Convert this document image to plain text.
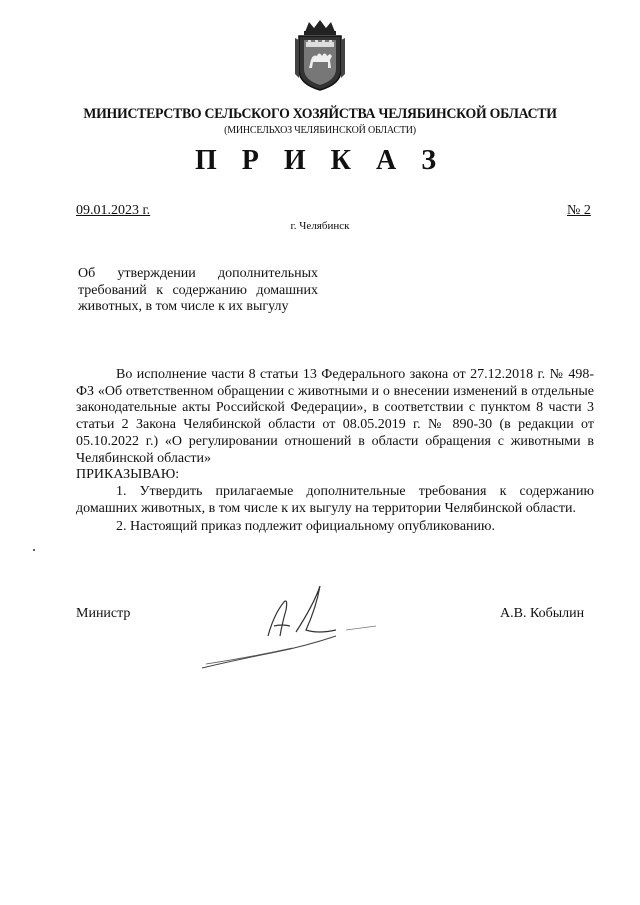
МИНИСТЕРСТВО СЕЛЬСКОГО ХОЗЯЙСТВА ЧЕЛЯБИНСКОЙ ОБЛАСТИ
(МИНСЕЛЬХОЗ ЧЕЛЯБИНСКОЙ ОБЛАСТИ)
П Р И К А З
09.01.2023 г.	№ 2
г. Челябинск
Об утверждении дополнительных требований к содержанию домашних животных, в том числе к их выгулу

Во исполнение части 8 статьи 13 Федерального закона от 27.12.2018 г. № 498-ФЗ «Об ответственном обращении с животными и о внесении изменений в отдельные законодательные акты Российской Федерации», в соответствии с пунктом 8 части 3 статьи 2 Закона Челябинской области от 08.05.2019 г. № 890-30 (в редакции от 05.10.2022 г.) «О регулировании отношений в области обращения с животными в Челябинской области»

ПРИКАЗЫВАЮ:

1. Утвердить прилагаемые дополнительные требования к содержанию домашних животных, в том числе к их выгулу на территории Челябинской области.

2. Настоящий приказ подлежит официальному опубликованию.

Министр	А.В. Кобылин
